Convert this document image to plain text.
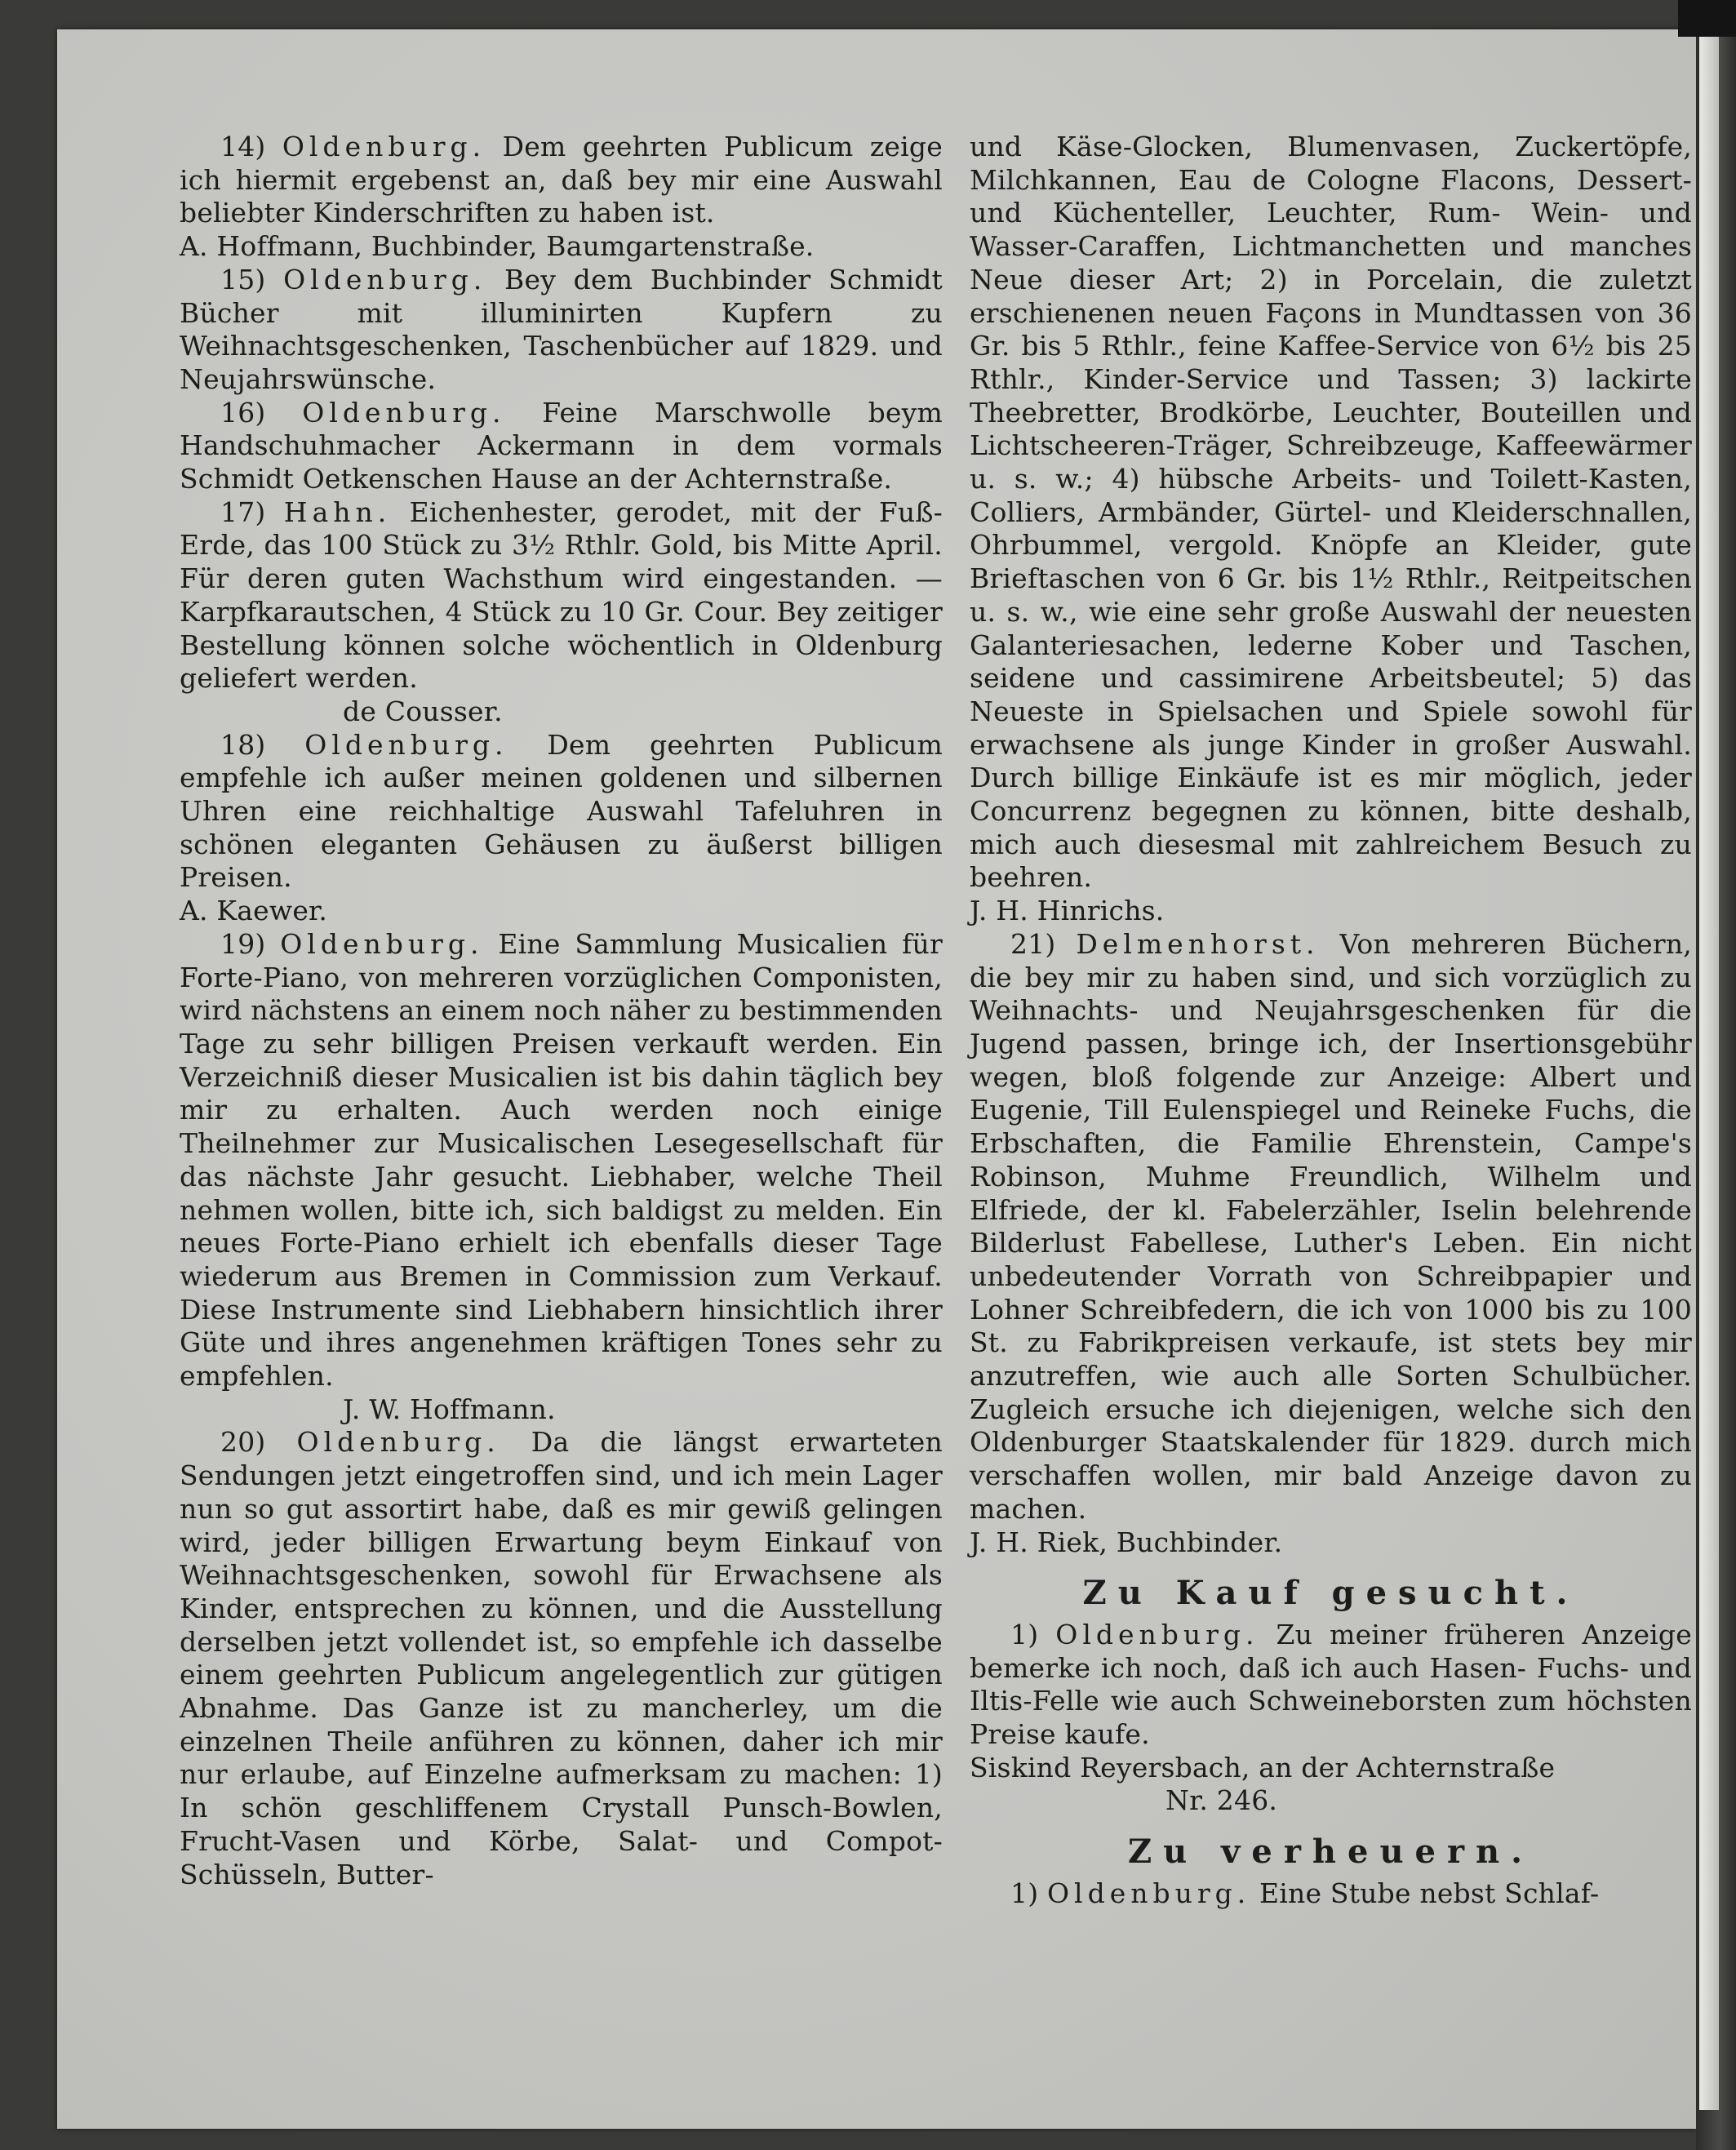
14) Oldenburg. Dem geehrten Publicum zeige ich hiermit ergebenst an, daß bey mir eine Auswahl beliebter Kinderschriften zu haben ist.

A. Hoffmann, Buchbinder, Baumgartenstraße.

15) Oldenburg. Bey dem Buchbinder Schmidt Bücher mit illuminirten Kupfern zu Weihnachtsgeschenken, Taschenbücher auf 1829. und Neujahrswünsche.

16) Oldenburg. Feine Marschwolle beym Handschuhmacher Ackermann in dem vormals Schmidt Oetkenschen Hause an der Achternstraße.

17) Hahn. Eichenhester, gerodet, mit der Fuß-Erde, das 100 Stück zu 3½ Rthlr. Gold, bis Mitte April. Für deren guten Wachsthum wird eingestanden. — Karpfkarautschen, 4 Stück zu 10 Gr. Cour. Bey zeitiger Bestellung können solche wöchentlich in Oldenburg geliefert werden.

de Cousser.

18) Oldenburg. Dem geehrten Publicum empfehle ich außer meinen goldenen und silbernen Uhren eine reichhaltige Auswahl Tafeluhren in schönen eleganten Gehäusen zu äußerst billigen Preisen.

A. Kaewer.

19) Oldenburg. Eine Sammlung Musicalien für Forte-Piano, von mehreren vorzüglichen Componisten, wird nächstens an einem noch näher zu bestimmenden Tage zu sehr billigen Preisen verkauft werden. Ein Verzeichniß dieser Musicalien ist bis dahin täglich bey mir zu erhalten. Auch werden noch einige Theilnehmer zur Musicalischen Lesegesellschaft für das nächste Jahr gesucht. Liebhaber, welche Theil nehmen wollen, bitte ich, sich baldigst zu melden. Ein neues Forte-Piano erhielt ich ebenfalls dieser Tage wiederum aus Bremen in Commission zum Verkauf. Diese Instrumente sind Liebhabern hinsichtlich ihrer Güte und ihres angenehmen kräftigen Tones sehr zu empfehlen.

J. W. Hoffmann.

20) Oldenburg. Da die längst erwarteten Sendungen jetzt eingetroffen sind, und ich mein Lager nun so gut assortirt habe, daß es mir gewiß gelingen wird, jeder billigen Erwartung beym Einkauf von Weihnachtsgeschenken, sowohl für Erwachsene als Kinder, entsprechen zu können, und die Ausstellung derselben jetzt vollendet ist, so empfehle ich dasselbe einem geehrten Publicum angelegentlich zur gütigen Abnahme. Das Ganze ist zu mancherley, um die einzelnen Theile anführen zu können, daher ich mir nur erlaube, auf Einzelne aufmerksam zu machen: 1) In schön geschliffenem Crystall Punsch-Bowlen, Frucht-Vasen und Körbe, Salat- und Compot-Schüsseln, Butter-

und Käse-Glocken, Blumenvasen, Zuckertöpfe, Milchkannen, Eau de Cologne Flacons, Dessert- und Küchenteller, Leuchter, Rum- Wein- und Wasser-Caraffen, Lichtmanchetten und manches Neue dieser Art; 2) in Porcelain, die zuletzt erschienenen neuen Façons in Mundtassen von 36 Gr. bis 5 Rthlr., feine Kaffee-Service von 6½ bis 25 Rthlr., Kinder-Service und Tassen; 3) lackirte Theebretter, Brodkörbe, Leuchter, Bouteillen und Lichtscheeren-Träger, Schreibzeuge, Kaffeewärmer u. s. w.; 4) hübsche Arbeits- und Toilett-Kasten, Colliers, Armbänder, Gürtel- und Kleiderschnallen, Ohrbummel, vergold. Knöpfe an Kleider, gute Brieftaschen von 6 Gr. bis 1½ Rthlr., Reitpeitschen u. s. w., wie eine sehr große Auswahl der neuesten Galanteriesachen, lederne Kober und Taschen, seidene und cassimirene Arbeitsbeutel; 5) das Neueste in Spielsachen und Spiele sowohl für erwachsene als junge Kinder in großer Auswahl. Durch billige Einkäufe ist es mir möglich, jeder Concurrenz begegnen zu können, bitte deshalb, mich auch diesesmal mit zahlreichem Besuch zu beehren.

J. H. Hinrichs.

21) Delmenhorst. Von mehreren Büchern, die bey mir zu haben sind, und sich vorzüglich zu Weihnachts- und Neujahrsgeschenken für die Jugend passen, bringe ich, der Insertionsgebühr wegen, bloß folgende zur Anzeige: Albert und Eugenie, Till Eulenspiegel und Reineke Fuchs, die Erbschaften, die Familie Ehrenstein, Campe's Robinson, Muhme Freundlich, Wilhelm und Elfriede, der kl. Fabelerzähler, Iselin belehrende Bilderlust Fabellese, Luther's Leben. Ein nicht unbedeutender Vorrath von Schreibpapier und Lohner Schreibfedern, die ich von 1000 bis zu 100 St. zu Fabrikpreisen verkaufe, ist stets bey mir anzutreffen, wie auch alle Sorten Schulbücher. Zugleich ersuche ich diejenigen, welche sich den Oldenburger Staatskalender für 1829. durch mich verschaffen wollen, mir bald Anzeige davon zu machen.

J. H. Riek, Buchbinder.

Zu Kauf gesucht.

1) Oldenburg. Zu meiner früheren Anzeige bemerke ich noch, daß ich auch Hasen- Fuchs- und Iltis-Felle wie auch Schweineborsten zum höchsten Preise kaufe.

Siskind Reyersbach, an der Achternstraße

Nr. 246.

Zu verheuern.

1) Oldenburg. Eine Stube nebst Schlaf-
